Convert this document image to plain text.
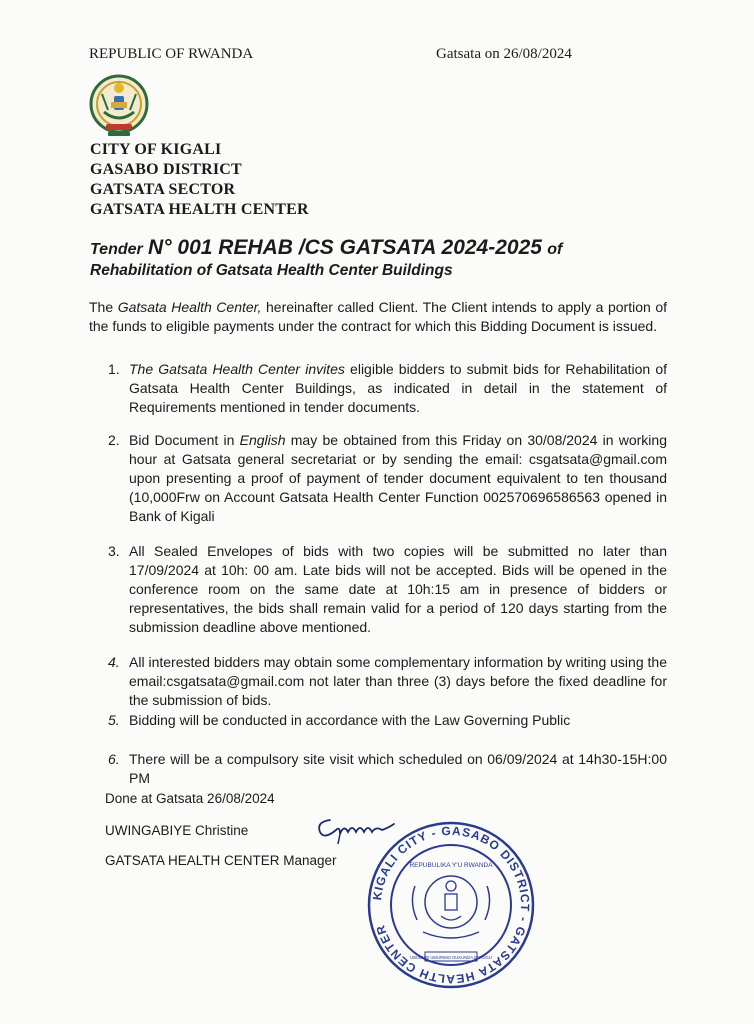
REPUBLIC OF RWANDA	Gatsata on 26/08/2024
CITY OF KIGALI
GASABO DISTRICT
GATSATA SECTOR
GATSATA HEALTH CENTER
Tender N° 001 REHAB /CS GATSATA 2024-2025 of
Rehabilitation of Gatsata Health Center Buildings
The Gatsata Health Center, hereinafter called Client. The Client intends to apply a portion of the funds to eligible payments under the contract for which this Bidding Document is issued.
1. The Gatsata Health Center invites eligible bidders to submit bids for Rehabilitation of Gatsata Health Center Buildings, as indicated in detail in the statement of Requirements mentioned in tender documents.
2. Bid Document in English may be obtained from this Friday on 30/08/2024 in working hour at Gatsata general secretariat or by sending the email: csgatsata@gmail.com upon presenting a proof of payment of tender document equivalent to ten thousand (10,000Frw on Account Gatsata Health Center Function 002570696586563 opened in Bank of Kigali
3. All Sealed Envelopes of bids with two copies will be submitted no later than 17/09/2024 at 10h: 00 am. Late bids will not be accepted. Bids will be opened in the conference room on the same date at 10h:15 am in presence of bidders or representatives, the bids shall remain valid for a period of 120 days starting from the submission deadline above mentioned.
4. All interested bidders may obtain some complementary information by writing using the email:csgatsata@gmail.com not later than three (3) days before the fixed deadline for the submission of bids.
5. Bidding will be conducted in accordance with the Law Governing Public
6. There will be a compulsory site visit which scheduled on 06/09/2024 at 14h30-15H:00 PM
Done at Gatsata 26/08/2024
UWINGABIYE Christine
GATSATA HEALTH CENTER Manager
KIGALI CITY - GASABO DISTRICT - GATSATA HEALTH CENTER
REPUBULIKA Y'U RWANDA
UBUMWE UMURIMO GUKUNDA IGIHUGU
